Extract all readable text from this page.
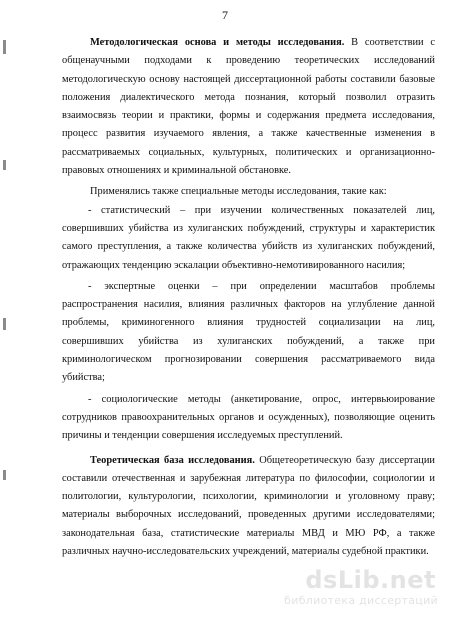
7

Методологическая основа и методы исследования. В соответствии с общенаучными подходами к проведению теоретических исследований методологическую основу настоящей диссертационной работы составили базовые положения диалектического метода познания, который позволил отразить взаимосвязь теории и практики, формы и содержания предмета исследования, процесс развития изучаемого явления, а также качественные изменения в рассматриваемых социальных, культурных, политических и организационно-правовых отношениях и криминальной обстановке.

Применялись также специальные методы исследования, такие как:

- статистический – при изучении количественных показателей лиц, совершивших убийства из хулиганских побуждений, структуры и характеристик самого преступления, а также количества убийств из хулиганских побуждений, отражающих тенденцию эскалации объективно-немотивированного насилия;

- экспертные оценки – при определении масштабов проблемы распространения насилия, влияния различных факторов на углубление данной проблемы, криминогенного влияния трудностей социализации на лиц, совершивших убийства из хулиганских побуждений, а также при криминологическом прогнозировании совершения рассматриваемого вида убийства;

- социологические методы (анкетирование, опрос, интервьюирование сотрудников правоохранительных органов и осужденных), позволяющие оценить причины и тенденции совершения исследуемых преступлений.

Теоретическая база исследования. Общетеоретическую базу диссертации составили отечественная и зарубежная литература по философии, социологии и политологии, культурологии, психологии, криминологии и уголовному праву; материалы выборочных исследований, проведенных другими исследователями; законодательная база, статистические материалы МВД и МЮ РФ, а также различных научно-исследовательских учреждений, материалы судебной практики.

dsLib.net
библиотека диссертаций
